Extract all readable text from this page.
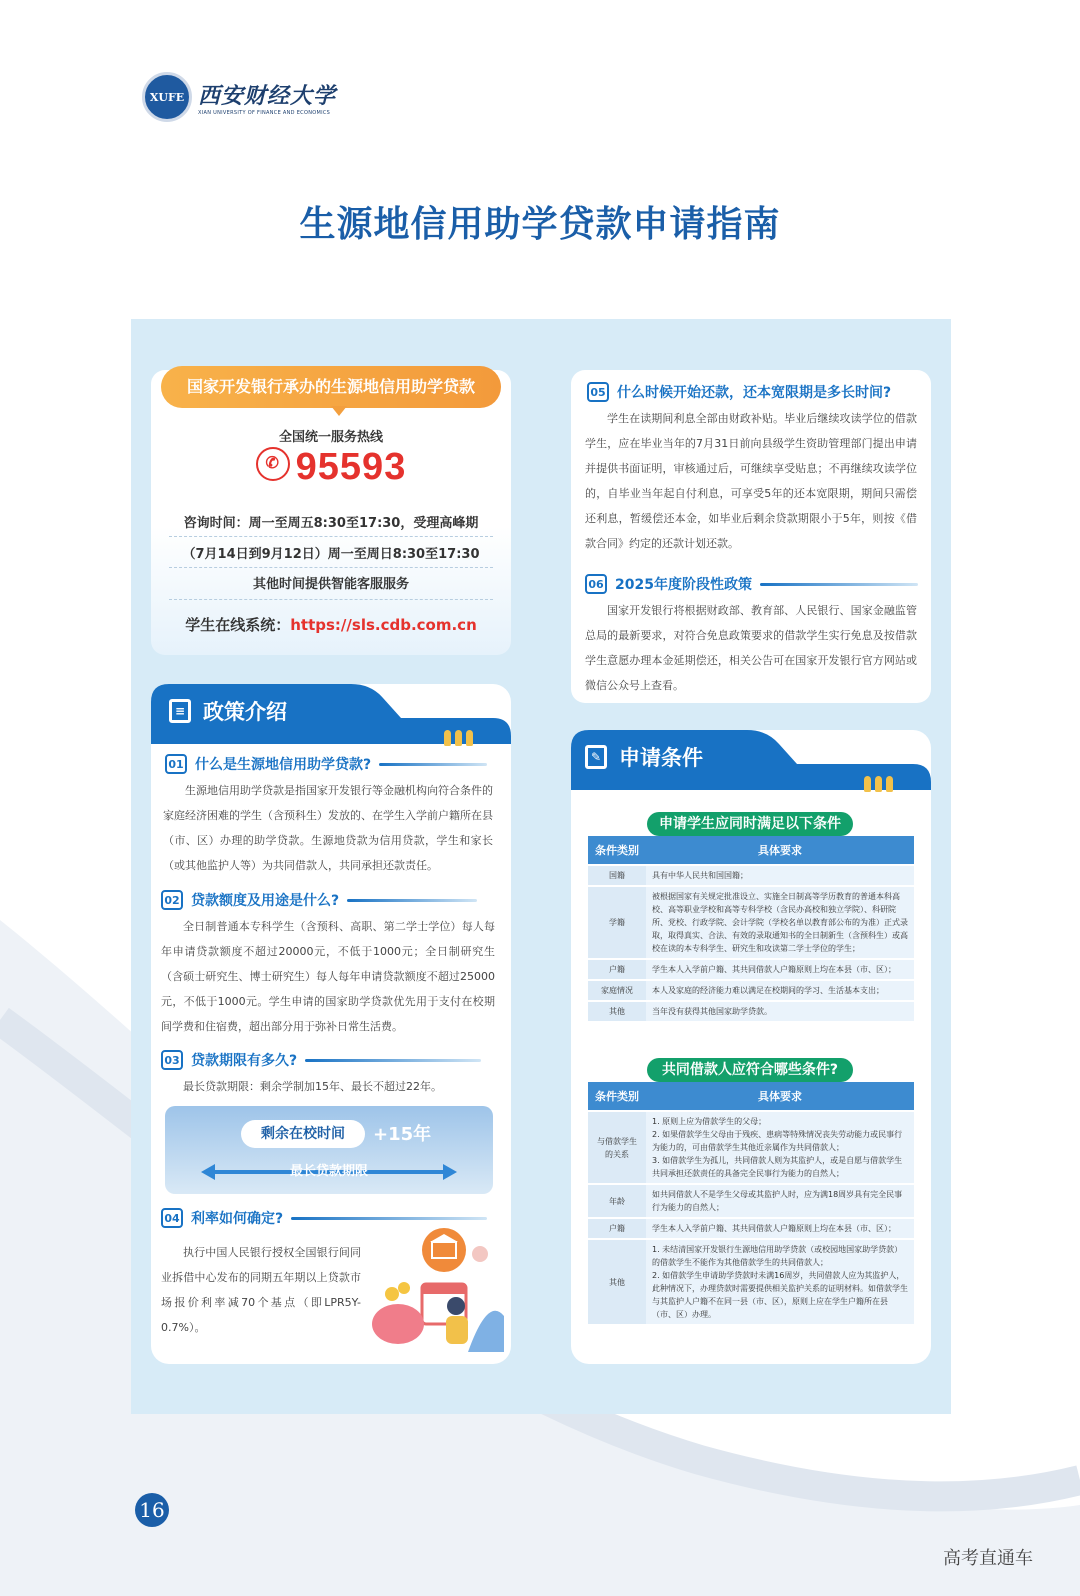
XUFE 西安财经大学
XIAN UNIVERSITY OF FINANCE AND ECONOMICS
生源地信用助学贷款申请指南
国家开发银行承办的生源地信用助学贷款
全国统一服务热线
✆ 95593
咨询时间：周一至周五8:30至17:30，受理高峰期
（7月14日到9月12日）周一至周日8:30至17:30
其他时间提供智能客服服务
学生在线系统：https://sls.cdb.com.cn
≡ 政策介绍
01 什么是生源地信用助学贷款?
生源地信用助学贷款是指国家开发银行等金融机构向符合条件的家庭经济困难的学生（含预科生）发放的、在学生入学前户籍所在县（市、区）办理的助学贷款。生源地贷款为信用贷款，学生和家长（或其他监护人等）为共同借款人，共同承担还款责任。
02 贷款额度及用途是什么?
全日制普通本专科学生（含预科、高职、第二学士学位）每人每年申请贷款额度不超过20000元，不低于1000元；全日制研究生（含硕士研究生、博士研究生）每人每年申请贷款额度不超过25000元，不低于1000元。学生申请的国家助学贷款优先用于支付在校期间学费和住宿费，超出部分用于弥补日常生活费。
03 贷款期限有多久?
最长贷款期限：剩余学制加15年、最长不超过22年。
04 利率如何确定?
执行中国人民银行授权全国银行间同业拆借中心发布的同期五年期以上贷款市场报价利率减70个基点（即LPR5Y-0.7%）。
剩余在校时间	+15年
最长贷款期限
05 什么时候开始还款，还本宽限期是多长时间?
学生在读期间利息全部由财政补贴。毕业后继续攻读学位的借款学生，应在毕业当年的7月31日前向县级学生资助管理部门提出申请并提供书面证明，审核通过后，可继续享受贴息；不再继续攻读学位的，自毕业当年起自付利息，可享受5年的还本宽限期，期间只需偿还利息，暂缓偿还本金，如毕业后剩余贷款期限小于5年，则按《借款合同》约定的还款计划还款。
06 2025年度阶段性政策
国家开发银行将根据财政部、教育部、人民银行、国家金融监管总局的最新要求，对符合免息政策要求的借款学生实行免息及按借款学生意愿办理本金延期偿还，相关公告可在国家开发银行官方网站或微信公众号上查看。
✎ 申请条件
申请学生应同时满足以下条件
条件类别	具体要求
国籍	具有中华人民共和国国籍；
学籍	被根据国家有关规定批准设立、实施全日制高等学历教育的普通本科高校、高等职业学校和高等专科学校（含民办高校和独立学院）、科研院所、党校、行政学院、会计学院（学校名单以教育部公布的为准）正式录取，取得真实、合法、有效的录取通知书的全日制新生（含预科生）或高校在读的本专科学生、研究生和攻读第二学士学位的学生；
户籍	学生本人入学前户籍、其共同借款人户籍原则上均在本县（市、区）；
家庭情况	本人及家庭的经济能力难以满足在校期间的学习、生活基本支出；
其他	当年没有获得其他国家助学贷款。
共同借款人应符合哪些条件?
条件类别	具体要求
与借款学生的关系	1. 原则上应为借款学生的父母；
2. 如果借款学生父母由于残疾、患病等特殊情况丧失劳动能力或民事行为能力的，可由借款学生其他近亲属作为共同借款人；
3. 如借款学生为孤儿，共同借款人则为其监护人，或是自愿与借款学生共同承担还款责任的具备完全民事行为能力的自然人；
年龄	如共同借款人不是学生父母或其监护人时，应为满18周岁具有完全民事行为能力的自然人；
户籍	学生本人入学前户籍、其共同借款人户籍原则上均在本县（市、区）；
其他	1. 未结清国家开发银行生源地信用助学贷款（或校园地国家助学贷款）的借款学生不能作为其他借款学生的共同借款人；
2. 如借款学生申请助学贷款时未满16周岁，共同借款人应为其监护人，此种情况下，办理贷款时需要提供相关监护关系的证明材料。如借款学生与其监护人户籍不在同一县（市、区），原则上应在学生户籍所在县（市、区）办理。
16
高考直通车
